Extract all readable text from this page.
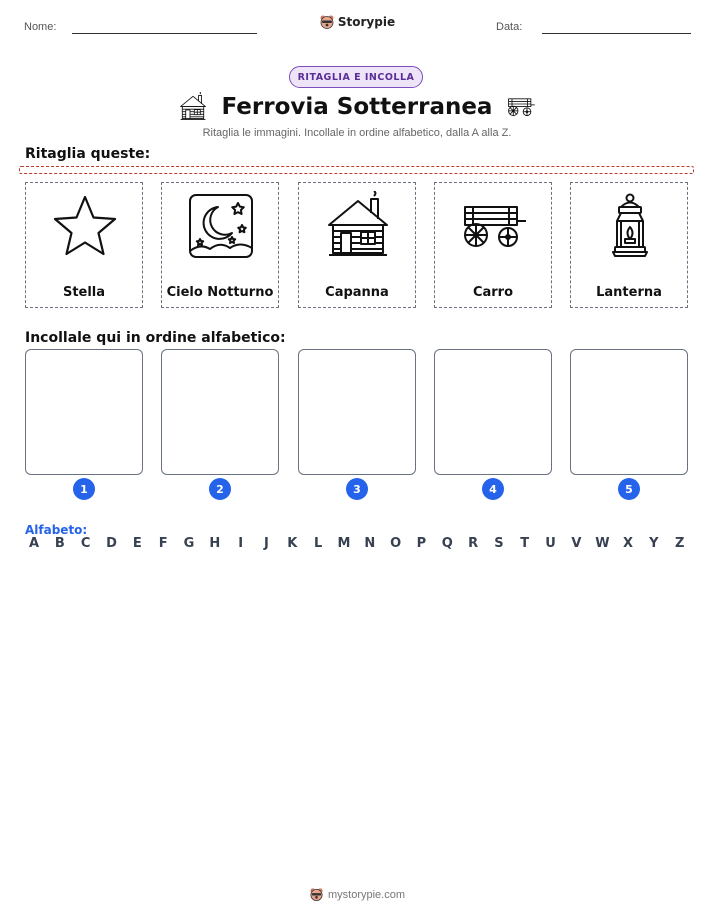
Nome:	Storypie	Data:
RITAGLIA E INCOLLA
Ferrovia Sotterranea
Ritaglia le immagini. Incollale in ordine alfabetico, dalla A alla Z.
Ritaglia queste:
Stella	Cielo Notturno	Capanna	Carro	Lanterna
Incollale qui in ordine alfabetico:
1	2	3	4	5
Alfabeto:
A B C D E F G H	I	J	K L M N O P Q R S T U V W X Y Z
mystorypie.com
